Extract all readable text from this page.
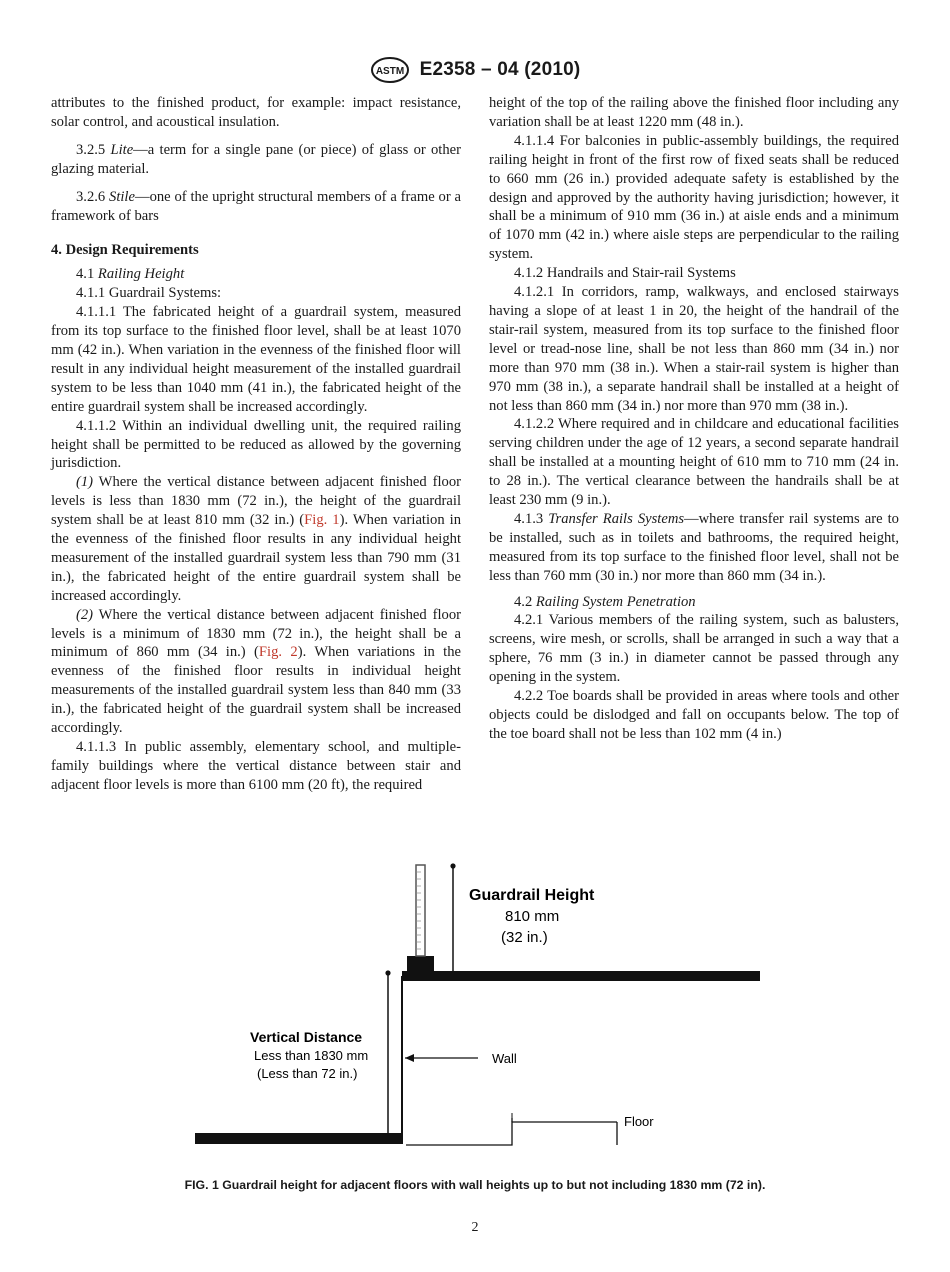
ASTM E2358 – 04 (2010)

attributes to the finished product, for example: impact resistance, solar control, and acoustical insulation.

3.2.5 Lite—a term for a single pane (or piece) of glass or other glazing material.

3.2.6 Stile—one of the upright structural members of a frame or a framework of bars

4. Design Requirements

4.1 Railing Height

4.1.1 Guardrail Systems:

4.1.1.1 The fabricated height of a guardrail system, measured from its top surface to the finished floor level, shall be at least 1070 mm (42 in.). When variation in the evenness of the finished floor will result in any individual height measurement of the installed guardrail system to be less than 1040 mm (41 in.), the fabricated height of the entire guardrail system shall be increased accordingly.

4.1.1.2 Within an individual dwelling unit, the required railing height shall be permitted to be reduced as allowed by the governing jurisdiction.

(1) Where the vertical distance between adjacent finished floor levels is less than 1830 mm (72 in.), the height of the guardrail system shall be at least 810 mm (32 in.) (Fig. 1). When variation in the evenness of the finished floor results in any individual height measurement of the installed guardrail system less than 790 mm (31 in.), the fabricated height of the entire guardrail system shall be increased accordingly.

(2) Where the vertical distance between adjacent finished floor levels is a minimum of 1830 mm (72 in.), the height shall be a minimum of 860 mm (34 in.) (Fig. 2). When variations in the evenness of the finished floor results in individual height measurements of the installed guardrail system less than 840 mm (33 in.), the fabricated height of the guardrail system shall be increased accordingly.

4.1.1.3 In public assembly, elementary school, and multiple-family buildings where the vertical distance between stair and adjacent floor levels is more than 6100 mm (20 ft), the required

height of the top of the railing above the finished floor including any variation shall be at least 1220 mm (48 in.).

4.1.1.4 For balconies in public-assembly buildings, the required railing height in front of the first row of fixed seats shall be reduced to 660 mm (26 in.) provided adequate safety is established by the design and approved by the authority having jurisdiction; however, it shall be a minimum of 910 mm (36 in.) at aisle ends and a minimum of 1070 mm (42 in.) where aisle steps are perpendicular to the railing system.

4.1.2 Handrails and Stair-rail Systems

4.1.2.1 In corridors, ramp, walkways, and enclosed stairways having a slope of at least 1 in 20, the height of the handrail of the stair-rail system, measured from its top surface to the finished floor level or tread-nose line, shall be not less than 860 mm (34 in.) nor more than 970 mm (38 in.). When a stair-rail system is higher than 970 mm (38 in.), a separate handrail shall be installed at a height of not less than 860 mm (34 in.) nor more than 970 mm (38 in.).

4.1.2.2 Where required and in childcare and educational facilities serving children under the age of 12 years, a second separate handrail shall be installed at a mounting height of 610 mm to 710 mm (24 in. to 28 in.). The vertical clearance between the handrails shall be at least 230 mm (9 in.).

4.1.3 Transfer Rails Systems—where transfer rail systems are to be installed, such as in toilets and bathrooms, the required height, measured from its top surface to the finished floor level, shall not be less than 760 mm (30 in.) nor more than 860 mm (34 in.).

4.2 Railing System Penetration

4.2.1 Various members of the railing system, such as balusters, screens, wire mesh, or scrolls, shall be arranged in such a way that a sphere, 76 mm (3 in.) in diameter cannot be passed through any opening in the system.

4.2.2 Toe boards shall be provided in areas where tools and other objects could be dislodged and fall on occupants below. The top of the toe board shall not be less than 102 mm (4 in.)

Guardrail Height
810 mm
(32 in.)
Vertical Distance
Less than 1830 mm
(Less than 72 in.)
Wall
Floor
FIG. 1 Guardrail height for adjacent floors with wall heights up to but not including 1830 mm (72 in).
2
